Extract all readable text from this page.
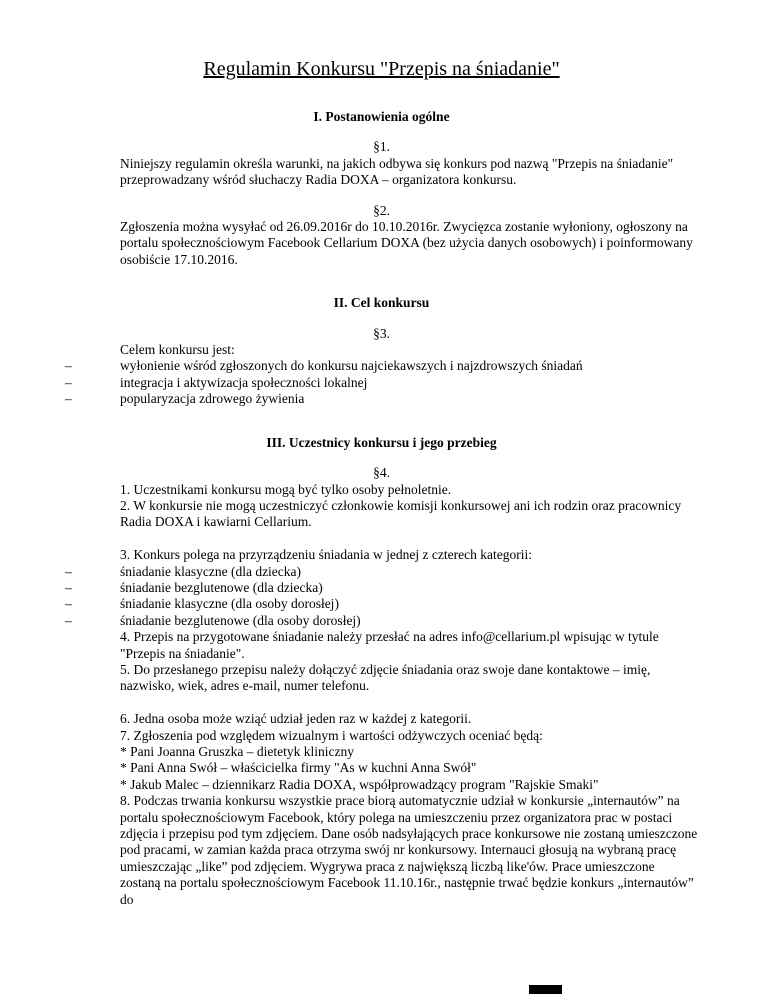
Regulamin Konkursu "Przepis na śniadanie"
I. Postanowienia ogólne
§1.

Niniejszy regulamin określa warunki, na jakich odbywa się konkurs pod nazwą "Przepis na śniadanie" przeprowadzany wśród słuchaczy Radia DOXA – organizatora konkursu.

§2.

Zgłoszenia można wysyłać od 26.09.2016r do 10.10.2016r. Zwycięzca zostanie wyłoniony, ogłoszony na portalu społecznościowym Facebook Cellarium DOXA (bez użycia danych osobowych) i poinformowany osobiście 17.10.2016.

II. Cel konkursu
§3.

Celem konkursu jest:

–	wyłonienie wśród zgłoszonych do konkursu najciekawszych i najzdrowszych śniadań
–	integracja i aktywizacja społeczności lokalnej
–	popularyzacja zdrowego żywienia
III. Uczestnicy konkursu i jego przebieg
§4.

1. Uczestnikami konkursu mogą być tylko osoby pełnoletnie.

2. W konkursie nie mogą uczestniczyć członkowie komisji konkursowej ani ich rodzin oraz pracownicy Radia DOXA i kawiarni Cellarium.

3. Konkurs polega na przyrządzeniu śniadania w jednej z czterech kategorii:

–	śniadanie klasyczne (dla dziecka)
–	śniadanie bezglutenowe (dla dziecka)
–	śniadanie klasyczne (dla osoby dorosłej)
–	śniadanie bezglutenowe (dla osoby dorosłej)

4. Przepis na przygotowane śniadanie należy przesłać na adres info@cellarium.pl wpisując w tytule "Przepis na śniadanie".

5. Do przesłanego przepisu należy dołączyć zdjęcie śniadania oraz swoje dane kontaktowe – imię, nazwisko, wiek, adres e-mail, numer telefonu.

6. Jedna osoba może wziąć udział jeden raz w każdej z kategorii.

7. Zgłoszenia pod względem wizualnym i wartości odżywczych oceniać będą:

* Pani Joanna Gruszka – dietetyk kliniczny

* Pani Anna Swół – właścicielka firmy "As w kuchni Anna Swół"

* Jakub Malec – dziennikarz Radia DOXA, współprowadzący program "Rajskie Smaki"

8. Podczas trwania konkursu wszystkie prace biorą automatycznie udział w konkursie „internautów” na portalu społecznościowym Facebook, który polega na umieszczeniu przez organizatora prac w postaci zdjęcia i przepisu pod tym zdjęciem. Dane osób nadsyłających prace konkursowe nie zostaną umieszczone pod pracami, w zamian każda praca otrzyma swój nr konkursowy. Internauci głosują na wybraną pracę umieszczając „like” pod zdjęciem. Wygrywa praca z największą liczbą like'ów. Prace umieszczone zostaną na portalu społecznościowym Facebook 11.10.16r., następnie trwać będzie konkurs „internautów” do
